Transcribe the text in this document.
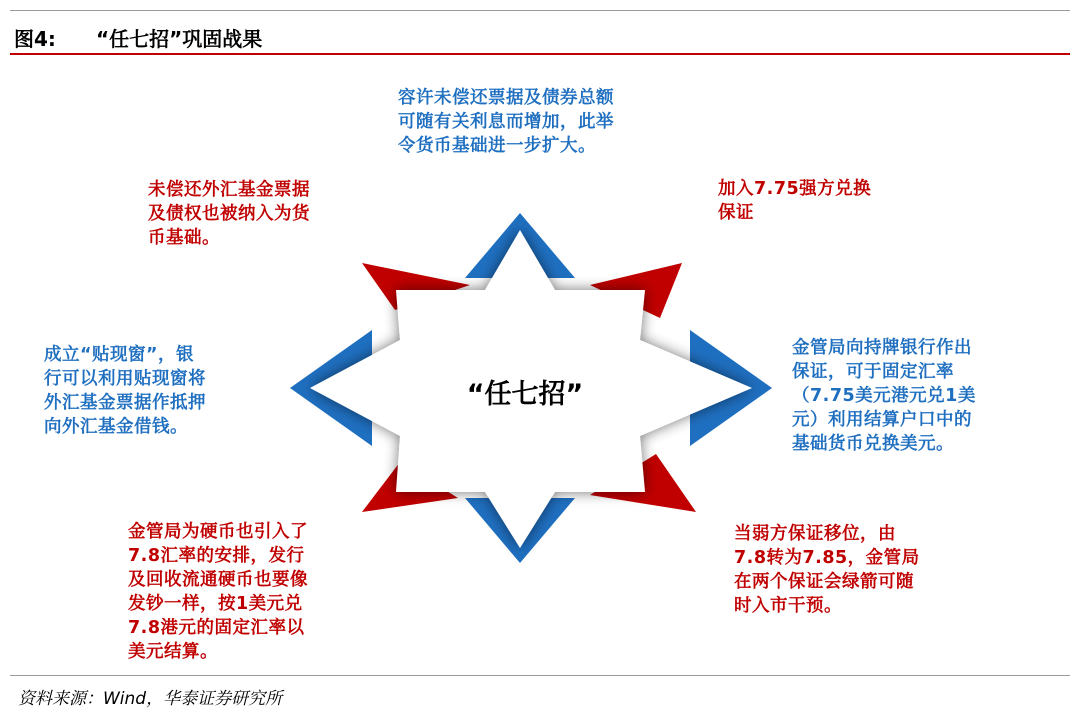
图4:	“任七招”巩固战果
“任七招”
容许未偿还票据及债券总额
可随有关利息而增加，此举
令货币基础进一步扩大。
未偿还外汇基金票据
及债权也被纳入为货
币基础。
加入7.75强方兑换
保证
成立“贴现窗”，银
行可以利用贴现窗将
外汇基金票据作抵押
向外汇基金借钱。
金管局向持牌银行作出
保证，可于固定汇率
（7.75美元港元兑1美
元）利用结算户口中的
基础货币兑换美元。
金管局为硬币也引入了
7.8汇率的安排，发行
及回收流通硬币也要像
发钞一样，按1美元兑
7.8港元的固定汇率以
美元结算。
当弱方保证移位，由
7.8转为7.85，金管局
在两个保证会绿箭可随
时入市干预。
资料来源：Wind，华泰证券研究所
